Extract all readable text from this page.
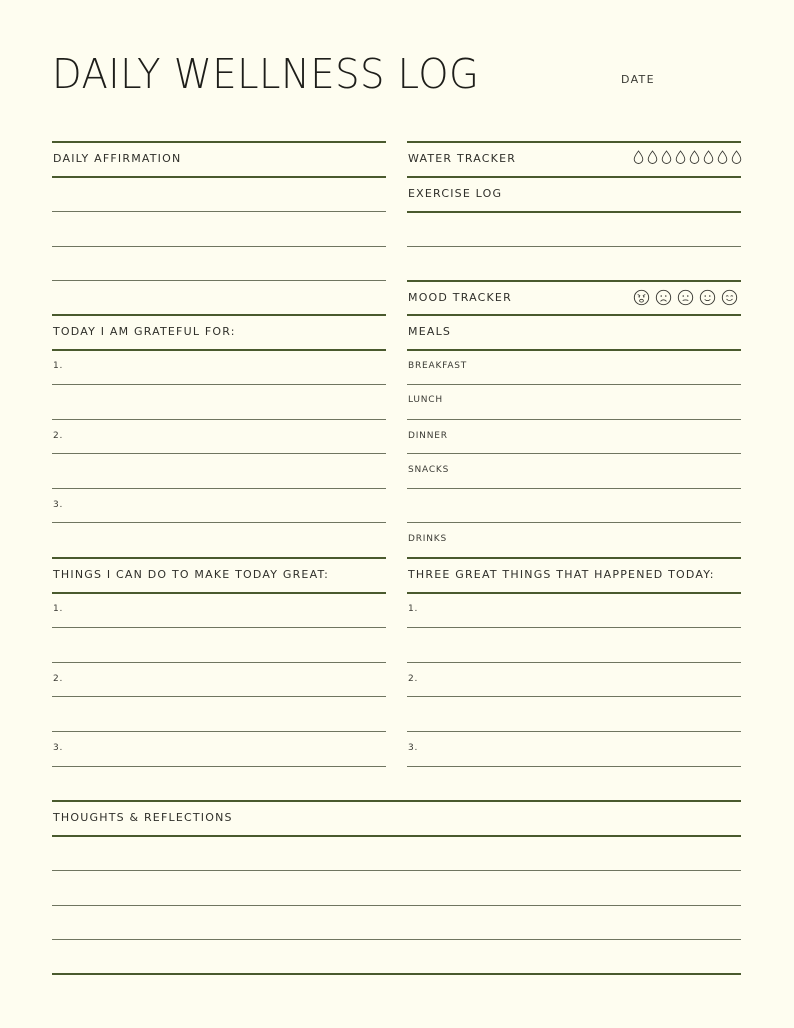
DAILY WELLNESS LOG	DATE
DAILY AFFIRMATION
TODAY I AM GRATEFUL FOR:
1.
2.
3.
THINGS I CAN DO TO MAKE TODAY GREAT:
1.
2.
3.
WATER TRACKER
EXERCISE LOG
MOOD TRACKER
MEALS
BREAKFAST
LUNCH
DINNER
SNACKS
DRINKS
THREE GREAT THINGS THAT HAPPENED TODAY:
1.
2.
3.
THOUGHTS & REFLECTIONS
